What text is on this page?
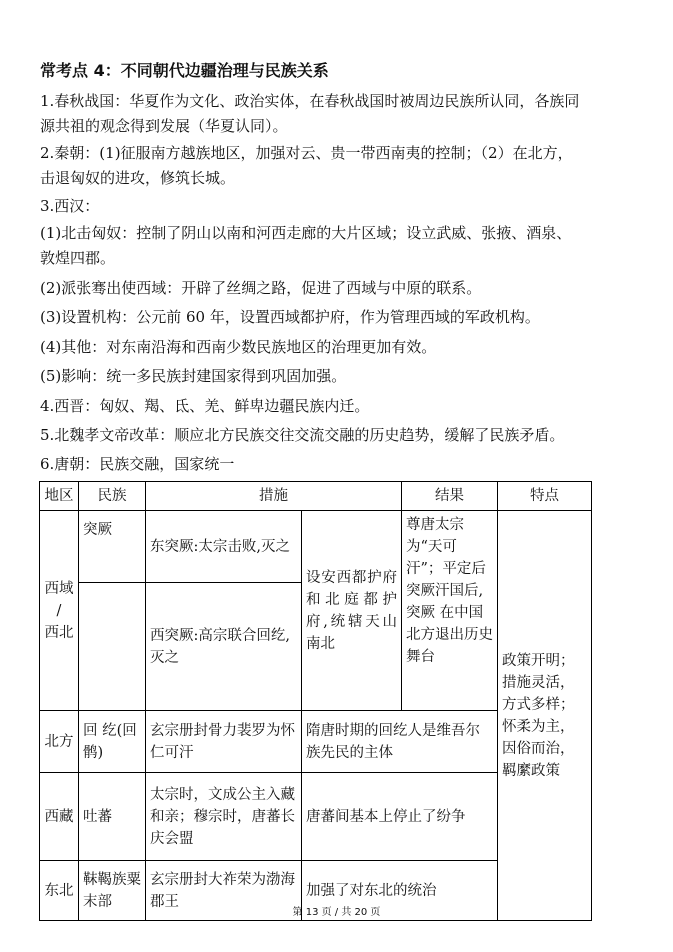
常考点 4：不同朝代边疆治理与民族关系
1.春秋战国：华夏作为文化、政治实体，在春秋战国时被周边民族所认同，各族同
源共祖的观念得到发展（华夏认同）。
2.秦朝：(1)征服南方越族地区，加强对云、贵一带西南夷的控制；（2）在北方，
击退匈奴的进攻，修筑长城。
3.西汉：
(1)北击匈奴：控制了阴山以南和河西走廊的大片区域；设立武威、张掖、酒泉、
敦煌四郡。
(2)派张骞出使西域：开辟了丝绸之路，促进了西域与中原的联系。
(3)设置机构：公元前 60 年，设置西域都护府，作为管理西域的军政机构。
(4)其他：对东南沿海和西南少数民族地区的治理更加有效。
(5)影响：统一多民族封建国家得到巩固加强。
4.西晋：匈奴、羯、氐、羌、鲜卑边疆民族内迁。
5.北魏孝文帝改革：顺应北方民族交往交流交融的历史趋势，缓解了民族矛盾。
6.唐朝：民族交融，国家统一
地区	民族	措施		结果	特点
西域
/
西北	突厥	东突厥:太宗击败,灭之	设安西都护府和北庭都护府,统辖天山南北	尊唐太宗为“天可汗”；平定后突厥汗国后,突厥 在中国北方退出历史舞台	政策开明；措施灵活，方式多样；怀柔为主，因俗而治，羁縻政策
		西突厥:高宗联合回纥,灭之			
北方	回 纥(回鹘)	玄宗册封骨力裴罗为怀仁可汗	隋唐时期的回纥人是维吾尔族先民的主体		
西藏	吐蕃	太宗时，文成公主入藏和亲；穆宗时，唐蕃长庆会盟	唐蕃间基本上停止了纷争		
东北	靺鞨族粟末部	玄宗册封大祚荣为渤海郡王	加强了对东北的统治		
第 13 页 / 共 20 页
